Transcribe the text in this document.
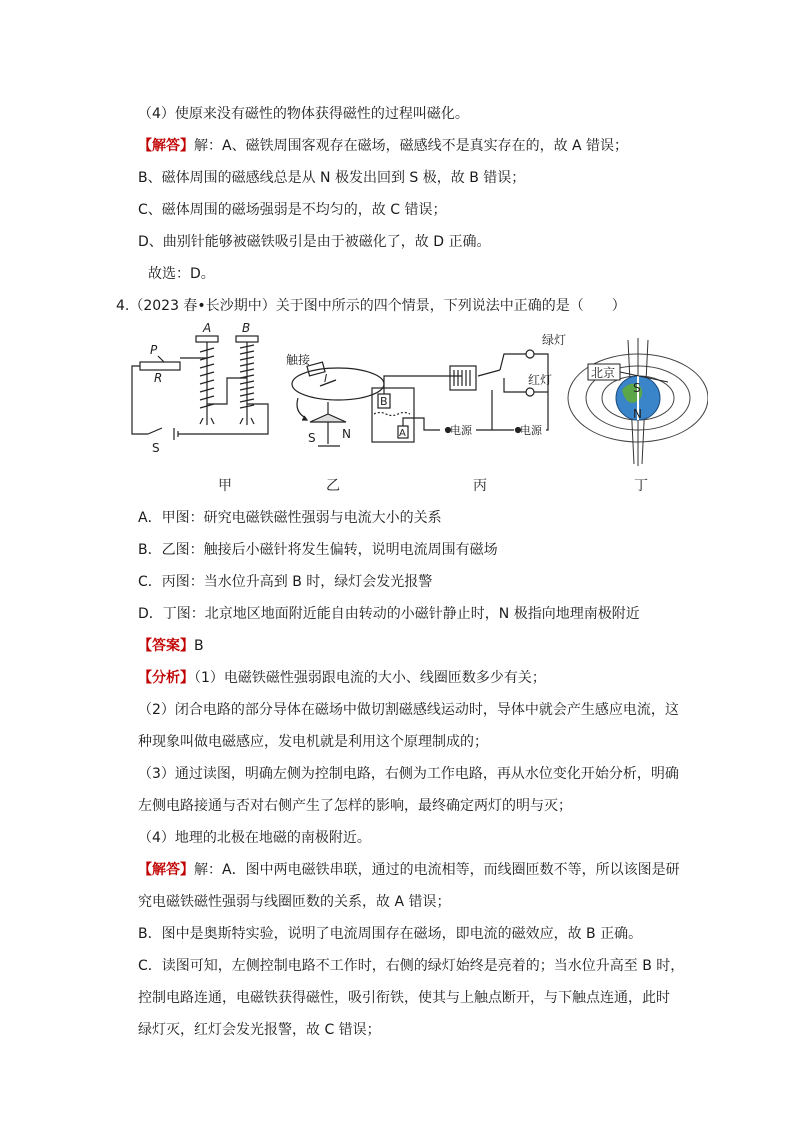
（4）使原来没有磁性的物体获得磁性的过程叫磁化。
【解答】解：A、磁铁周围客观存在磁场，磁感线不是真实存在的，故 A 错误；
B、磁体周围的磁感线总是从 N 极发出回到 S 极，故 B 错误；
C、磁体周围的磁场强弱是不均匀的，故 C 错误；
D、曲别针能够被磁铁吸引是由于被磁化了，故 D 正确。
故选：D。
4.（2023 春•长沙期中）关于图中所示的四个情景，下列说法中正确的是（　　）
A	B
P
R
S
触接
I
S N
B
A	电源	电源
绿灯
红灯
丙
S
N
北京
甲	乙	丁
A．甲图：研究电磁铁磁性强弱与电流大小的关系
B．乙图：触接后小磁针将发生偏转，说明电流周围有磁场
C．丙图：当水位升高到 B 时，绿灯会发光报警
D．丁图：北京地区地面附近能自由转动的小磁针静止时，N 极指向地理南极附近
【答案】B
【分析】（1）电磁铁磁性强弱跟电流的大小、线圈匝数多少有关；
（2）闭合电路的部分导体在磁场中做切割磁感线运动时，导体中就会产生感应电流，这
种现象叫做电磁感应，发电机就是利用这个原理制成的；
（3）通过读图，明确左侧为控制电路，右侧为工作电路，再从水位变化开始分析，明确
左侧电路接通与否对右侧产生了怎样的影响，最终确定两灯的明与灭；
（4）地理的北极在地磁的南极附近。
【解答】解：A．图中两电磁铁串联，通过的电流相等，而线圈匝数不等，所以该图是研
究电磁铁磁性强弱与线圈匝数的关系，故 A 错误；
B．图中是奥斯特实验，说明了电流周围存在磁场，即电流的磁效应，故 B 正确。
C．读图可知，左侧控制电路不工作时，右侧的绿灯始终是亮着的；当水位升高至 B 时，
控制电路连通，电磁铁获得磁性，吸引衔铁，使其与上触点断开，与下触点连通，此时
绿灯灭，红灯会发光报警，故 C 错误；
